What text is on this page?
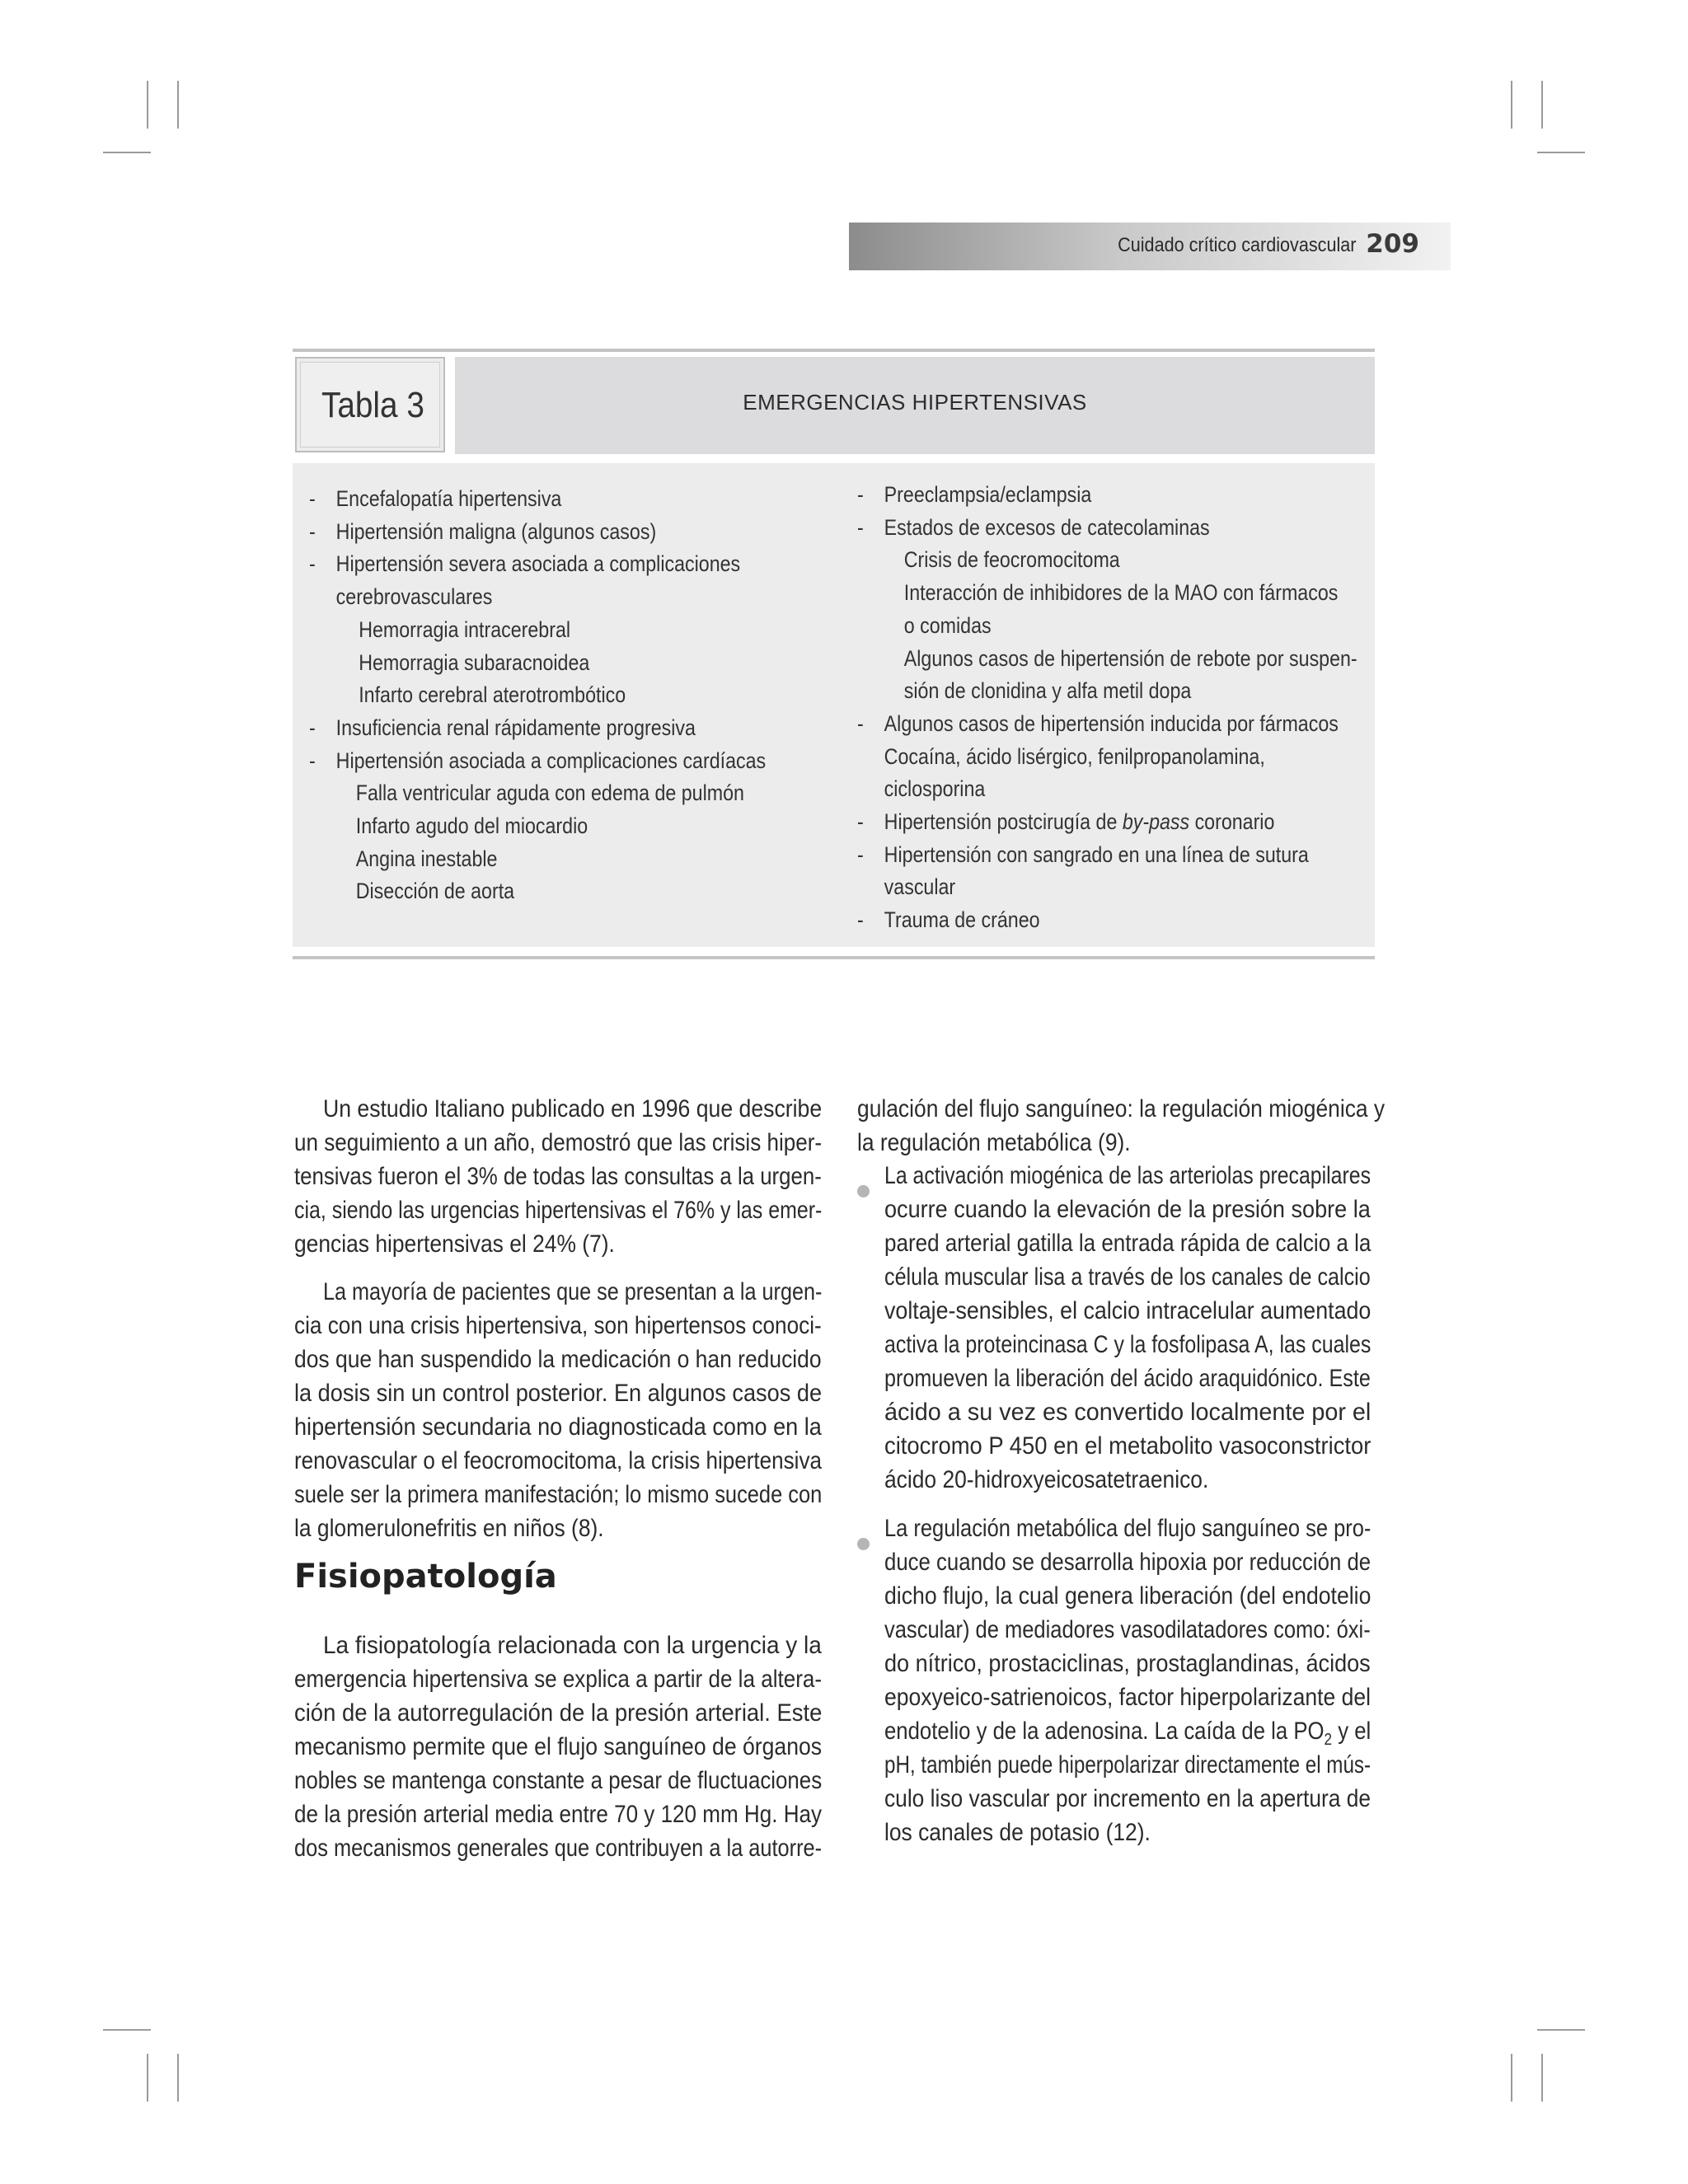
Cuidado crítico cardiovascular 209
Tabla 3	EMERGENCIAS HIPERTENSIVAS
- Encefalopatía hipertensiva
- Hipertensión maligna (algunos casos)
- Hipertensión severa asociada a complicaciones
cerebrovasculares
Hemorragia intracerebral
Hemorragia subaracnoidea
Infarto cerebral aterotrombótico
- Insuficiencia renal rápidamente progresiva
- Hipertensión asociada a complicaciones cardíacas
Falla ventricular aguda con edema de pulmón
Infarto agudo del miocardio
Angina inestable
Disección de aorta
- Preeclampsia/eclampsia
- Estados de excesos de catecolaminas
Crisis de feocromocitoma
Interacción de inhibidores de la MAO con fármacos
o comidas
Algunos casos de hipertensión de rebote por suspen-
sión de clonidina y alfa metil dopa
- Algunos casos de hipertensión inducida por fármacos
Cocaína, ácido lisérgico, fenilpropanolamina,
ciclosporina
- Hipertensión postcirugía de by-pass coronario
- Hipertensión con sangrado en una línea de sutura
vascular
- Trauma de cráneo
Un estudio Italiano publicado en 1996 que describe
un seguimiento a un año, demostró que las crisis hiper-
tensivas fueron el 3% de todas las consultas a la urgen-
cia, siendo las urgencias hipertensivas el 76% y las emer-
gencias hipertensivas el 24% (7).
La mayoría de pacientes que se presentan a la urgen-
cia con una crisis hipertensiva, son hipertensos conoci-
dos que han suspendido la medicación o han reducido
la dosis sin un control posterior. En algunos casos de
hipertensión secundaria no diagnosticada como en la
renovascular o el feocromocitoma, la crisis hipertensiva
suele ser la primera manifestación; lo mismo sucede con
la glomerulonefritis en niños (8).
Fisiopatología
La fisiopatología relacionada con la urgencia y la
emergencia hipertensiva se explica a partir de la altera-
ción de la autorregulación de la presión arterial. Este
mecanismo permite que el flujo sanguíneo de órganos
nobles se mantenga constante a pesar de fluctuaciones
de la presión arterial media entre 70 y 120 mm Hg. Hay
dos mecanismos generales que contribuyen a la autorre-
gulación del flujo sanguíneo: la regulación miogénica y
la regulación metabólica (9).
La activación miogénica de las arteriolas precapilares
ocurre cuando la elevación de la presión sobre la
pared arterial gatilla la entrada rápida de calcio a la
célula muscular lisa a través de los canales de calcio
voltaje-sensibles, el calcio intracelular aumentado
activa la proteincinasa C y la fosfolipasa A, las cuales
promueven la liberación del ácido araquidónico. Este
ácido a su vez es convertido localmente por el
citocromo P 450 en el metabolito vasoconstrictor
ácido 20-hidroxyeicosatetraenico.
La regulación metabólica del flujo sanguíneo se pro-
duce cuando se desarrolla hipoxia por reducción de
dicho flujo, la cual genera liberación (del endotelio
vascular) de mediadores vasodilatadores como: óxi-
do nítrico, prostaciclinas, prostaglandinas, ácidos
epoxyeico-satrienoicos, factor hiperpolarizante del
endotelio y de la adenosina. La caída de la $PO_2$ y el
pH, también puede hiperpolarizar directamente el mús-
culo liso vascular por incremento en la apertura de
los canales de potasio (12).
